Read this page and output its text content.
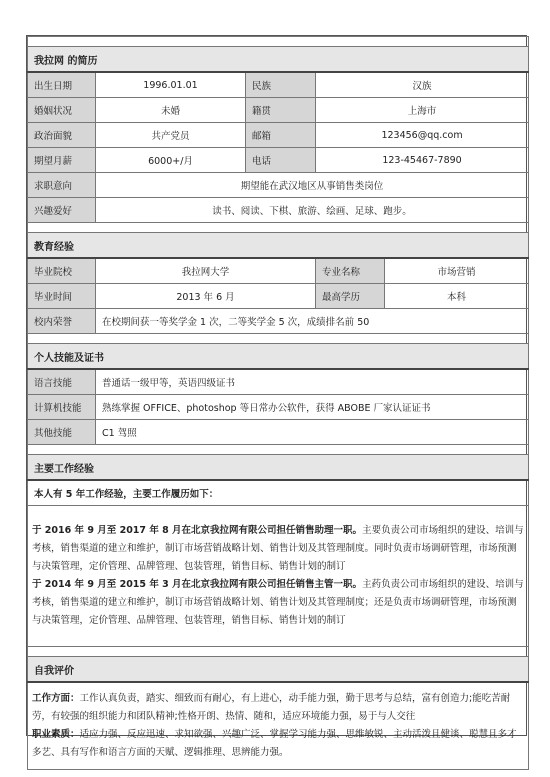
我拉网 的简历				
出生日期	1996.01.01	民族	汉族	
婚姻状况	未婚	籍贯	上海市	
政治面貌	共产党员	邮箱	123456@qq.com	
期望月薪	6000+/月	电话	123-45467-7890	
求职意向	期望能在武汉地区从事销售类岗位			
兴趣爱好	读书、阅读、下棋、旅游、绘画、足球、跑步。			

教育经验				
毕业院校	我拉网大学		专业名称	市场营销
毕业时间	2013 年 6 月		最高学历	本科
校内荣誉	在校期间获一等奖学金 1 次，二等奖学金 5 次，成绩排名前 50			

个人技能及证书				
语言技能	普通话一级甲等，英语四级证书			
计算机技能	熟练掌握 OFFICE、photoshop 等日常办公软件，获得 ABOBE 厂家认证证书			
其他技能	C1 驾照			

主要工作经验				
本人有 5 年工作经验，主要工作履历如下：				
于 2016 年 9 月至 2017 年 8 月在北京我拉网有限公司担任销售助理一职。主要负责公司市场组织的建设、培训与考核，销售渠道的建立和维护，制订市场营销战略计划、销售计划及其管理制度。同时负责市场调研管理，市场预测与决策管理，定价管理、品牌管理、包装管理，销售目标、销售计划的制订
于 2014 年 9 月至 2015 年 3 月在北京我拉网有限公司担任销售主管一职。主药负责公司市场组织的建设、培训与考核，销售渠道的建立和维护，制订市场营销战略计划、销售计划及其管理制度；还是负责市场调研管理，市场预测与决策管理，定价管理、品牌管理、包装管理，销售目标、销售计划的制订				

自我评价				
工作方面：工作认真负责，踏实、细致而有耐心，有上进心，动手能力强，勤于思考与总结，富有创造力;能吃苦耐劳，有较强的组织能力和团队精神;性格开朗、热情、随和，适应环境能力强，易于与人交往
职业素质：适应力强、反应迅速、求知欲强、兴趣广泛、掌握学习能力强、思维敏锐、主动活泼且健谈、聪慧且多才多艺、具有写作和语言方面的天赋、逻辑推理、思辨能力强。				
